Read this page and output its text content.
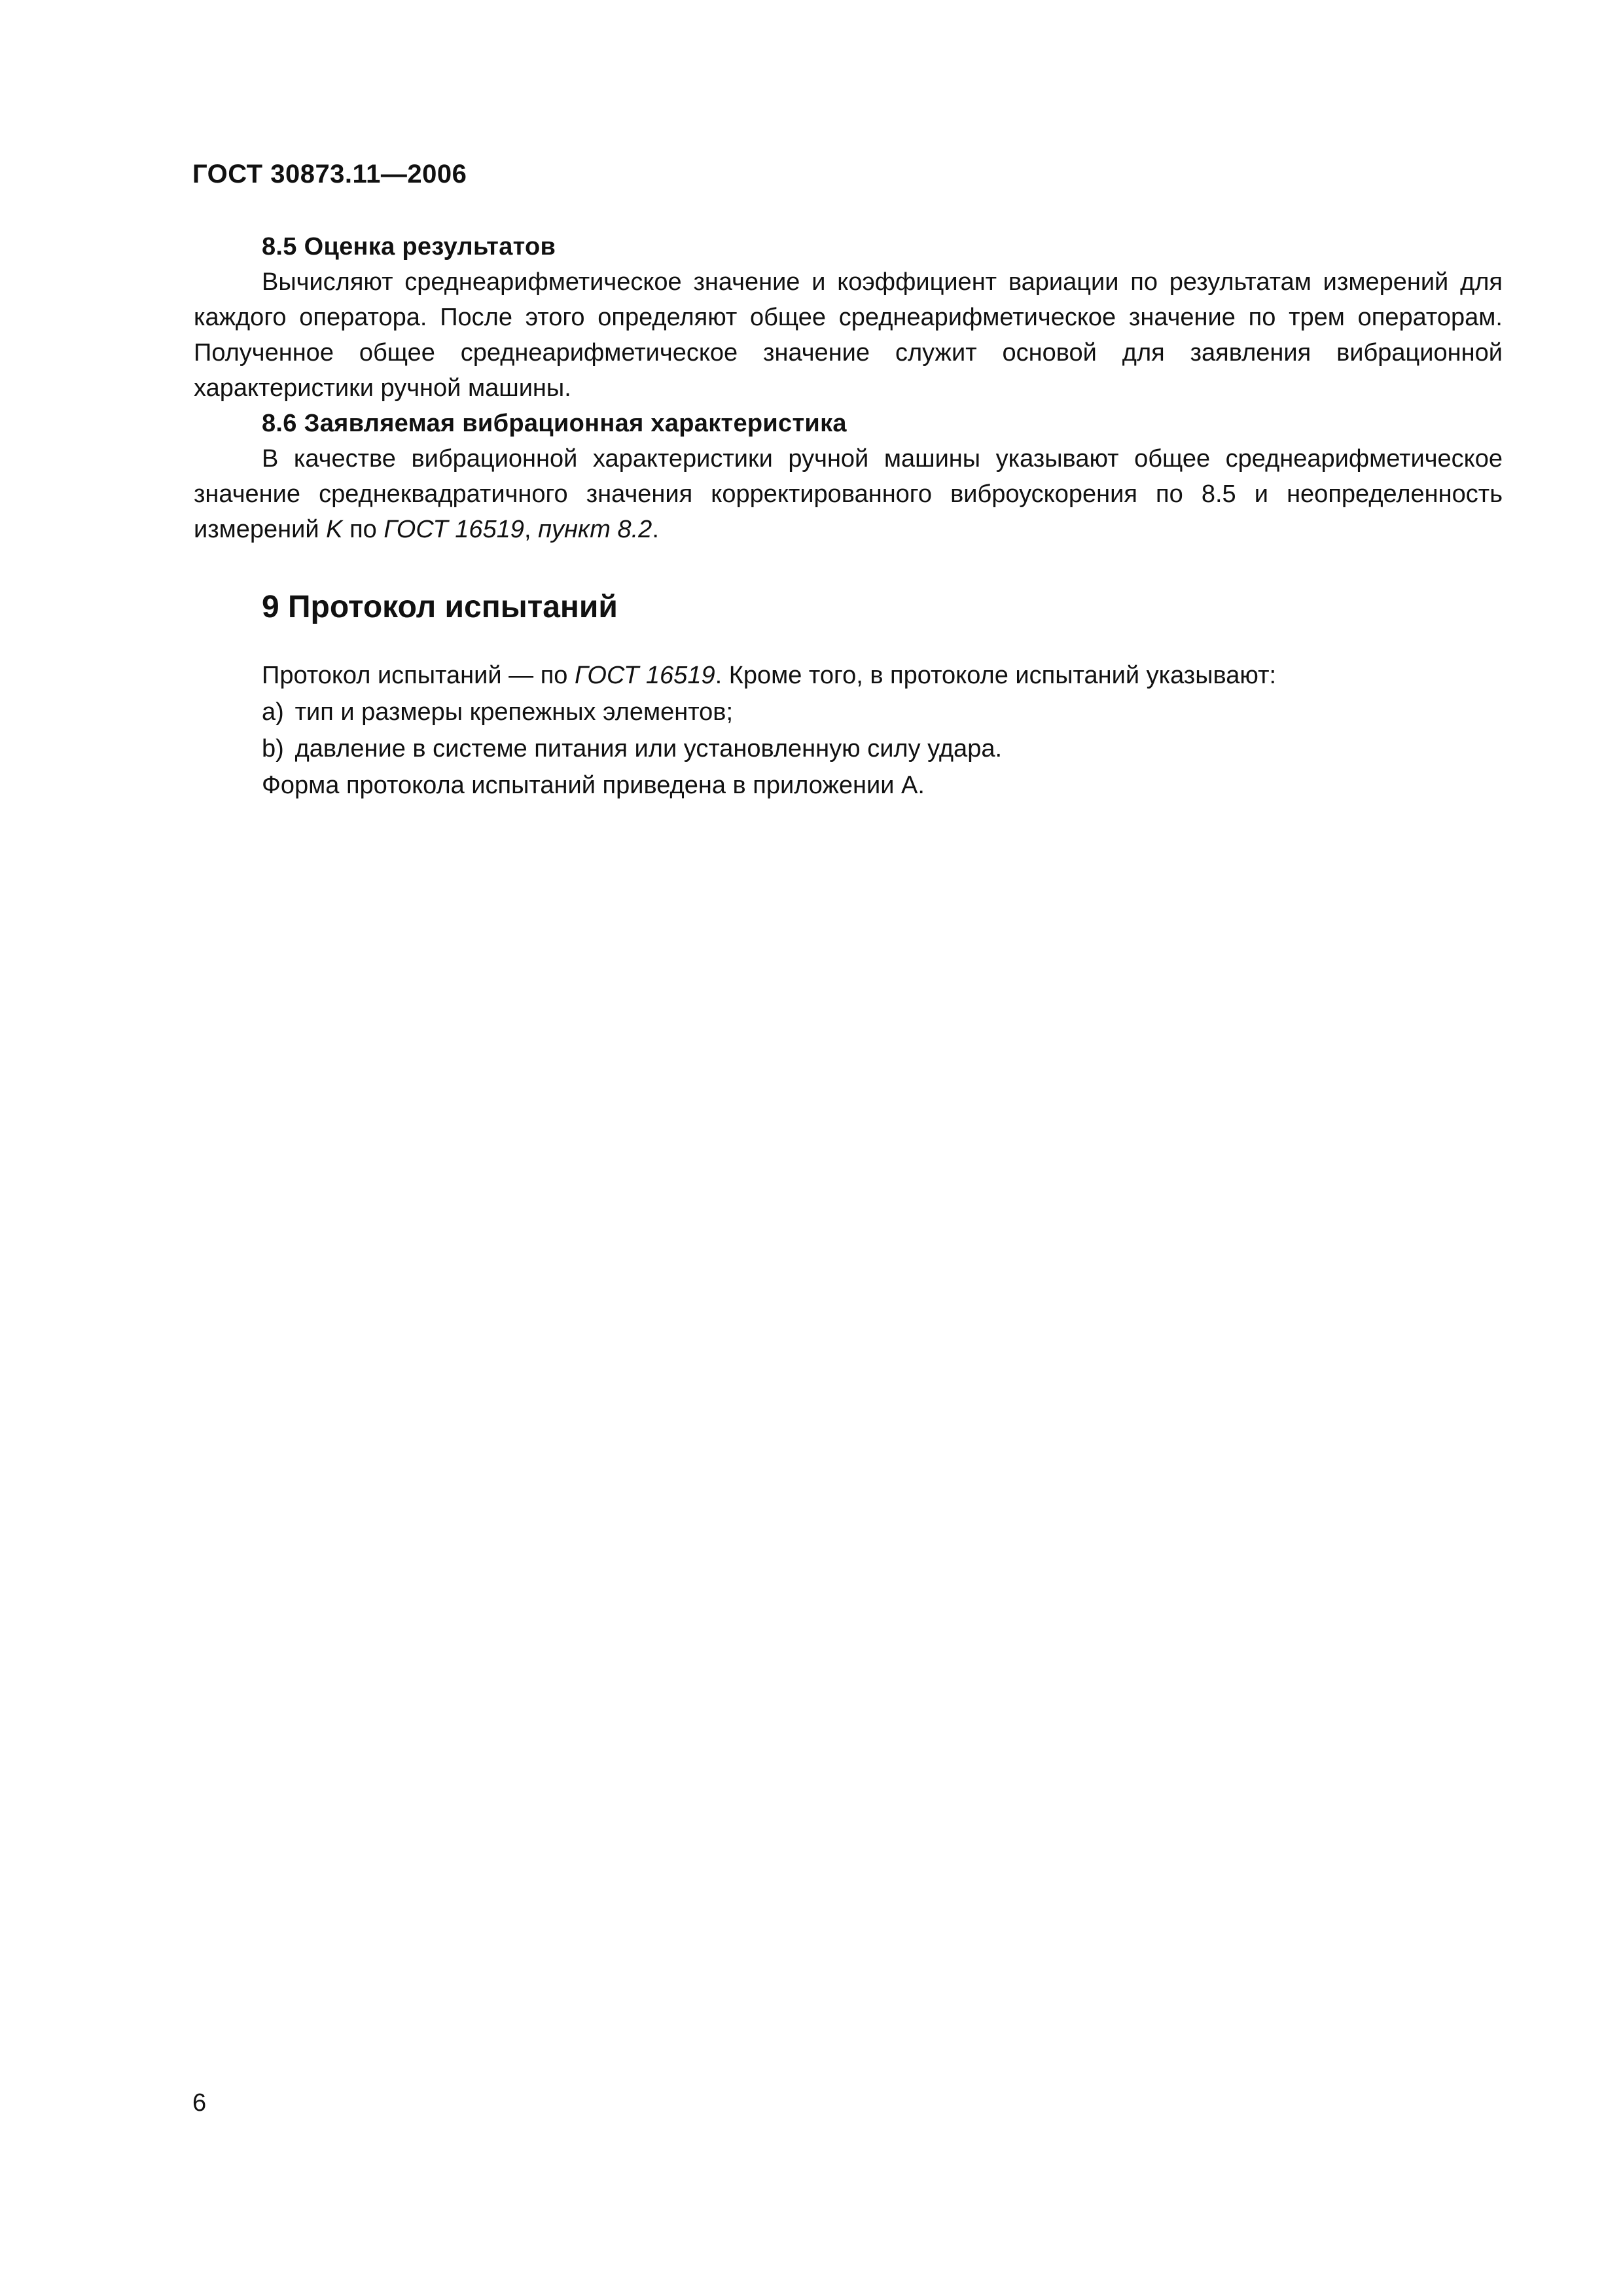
ГОСТ 30873.11—2006

8.5 Оценка результатов

Вычисляют среднеарифметическое значение и коэффициент вариации по результатам измерений для каждого оператора. После этого определяют общее среднеарифметическое значение по трем операторам. Полученное общее среднеарифметическое значение служит основой для заявления вибрационной характеристики ручной машины.

8.6 Заявляемая вибрационная характеристика

В качестве вибрационной характеристики ручной машины указывают общее среднеарифметическое значение среднеквадратичного значения корректированного виброускорения по 8.5 и неопределенность измерений K по ГОСТ 16519, пункт 8.2.

9 Протокол испытаний

Протокол испытаний — по ГОСТ 16519. Кроме того, в протоколе испытаний указывают:

a) тип и размеры крепежных элементов;

b) давление в системе питания или установленную силу удара.

Форма протокола испытаний приведена в приложении А.

6
